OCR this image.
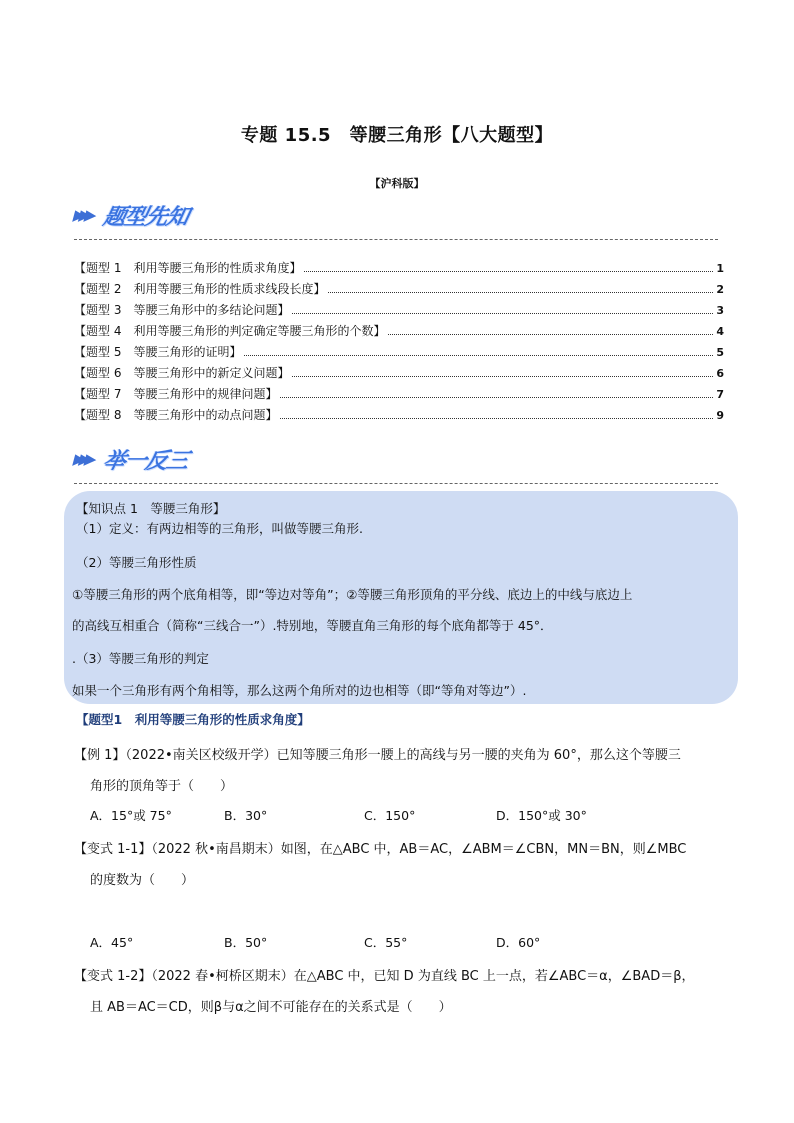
专题 15.5　等腰三角形【八大题型】
【沪科版】
▶▶▶ 题型先知
【题型 1　利用等腰三角形的性质求角度】	1
【题型 2　利用等腰三角形的性质求线段长度】	2
【题型 3　等腰三角形中的多结论问题】	3
【题型 4　利用等腰三角形的判定确定等腰三角形的个数】	4
【题型 5　等腰三角形的证明】	5
【题型 6　等腰三角形中的新定义问题】	6
【题型 7　等腰三角形中的规律问题】	7
【题型 8　等腰三角形中的动点问题】	9
▶▶▶ 举一反三
【知识点 1　等腰三角形】
（1）定义：有两边相等的三角形，叫做等腰三角形.
（2）等腰三角形性质
①等腰三角形的两个底角相等，即“等边对等角”；②等腰三角形顶角的平分线、底边上的中线与底边上
的高线互相重合（简称“三线合一”）.特别地，等腰直角三角形的每个底角都等于 45°．
.（3）等腰三角形的判定
如果一个三角形有两个角相等，那么这两个角所对的边也相等（即“等角对等边”）.
【题型1　利用等腰三角形的性质求角度】
【例 1】（2022•南关区校级开学）已知等腰三角形一腰上的高线与另一腰的夹角为 60°，那么这个等腰三
角形的顶角等于（　　）
A．15°或 75°	B．30°	C．150°	D．150°或 30°
【变式 1-1】（2022 秋•南昌期末）如图，在△ABC 中，AB＝AC，∠ABM＝∠CBN，MN＝BN，则∠MBC
的度数为（　　）
A．45°	B．50°	C．55°	D．60°
【变式 1-2】（2022 春•柯桥区期末）在△ABC 中，已知 D 为直线 BC 上一点，若∠ABC＝α，∠BAD＝β，
且 AB＝AC＝CD，则β与α之间不可能存在的关系式是（　　）
